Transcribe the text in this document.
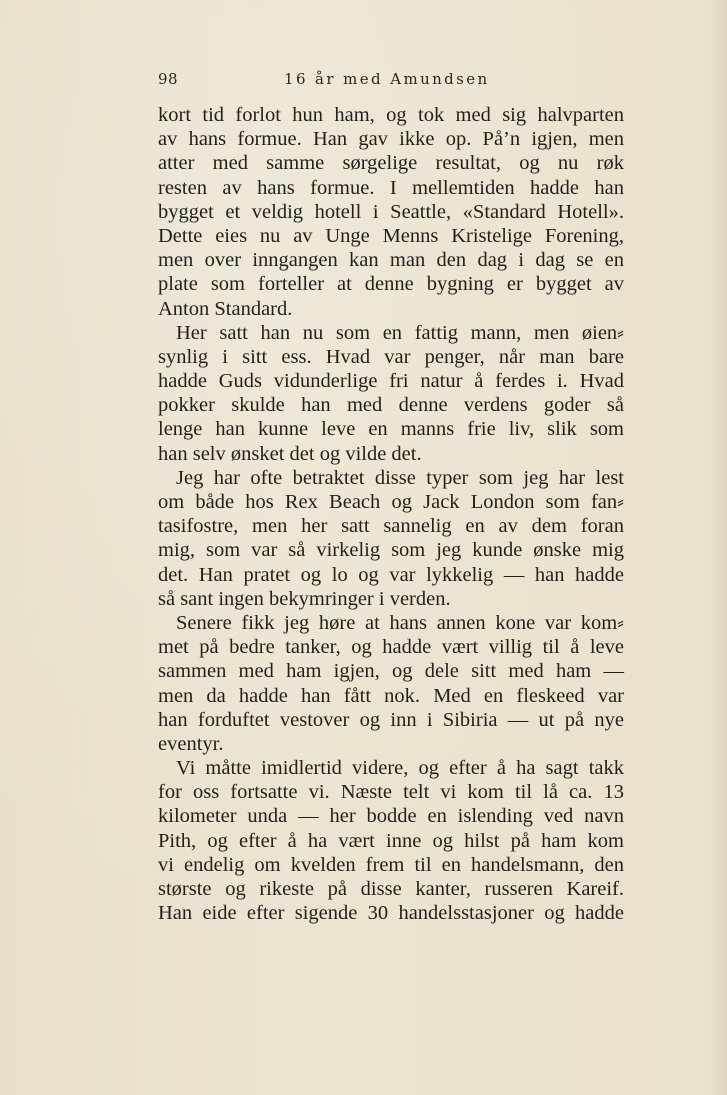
98	16 år med Amundsen
kort tid forlot hun ham, og tok med sig halvparten
av hans formue. Han gav ikke op. På’n igjen, men
atter med samme sørgelige resultat, og nu røk
resten av hans formue. I mellemtiden hadde han
bygget et veldig hotell i Seattle, «Standard Hotell».
Dette eies nu av Unge Menns Kristelige Forening,
men over inngangen kan man den dag i dag se en
plate som forteller at denne bygning er bygget av
Anton Standard.
Her satt han nu som en fattig mann, men øien⸗
synlig i sitt ess. Hvad var penger, når man bare
hadde Guds vidunderlige fri natur å ferdes i. Hvad
pokker skulde han med denne verdens goder så
lenge han kunne leve en manns frie liv, slik som
han selv ønsket det og vilde det.
Jeg har ofte betraktet disse typer som jeg har lest
om både hos Rex Beach og Jack London som fan⸗
tasifostre, men her satt sannelig en av dem foran
mig, som var så virkelig som jeg kunde ønske mig
det. Han pratet og lo og var lykkelig — han hadde
så sant ingen bekymringer i verden.
Senere fikk jeg høre at hans annen kone var kom⸗
met på bedre tanker, og hadde vært villig til å leve
sammen med ham igjen, og dele sitt med ham —
men da hadde han fått nok. Med en fleskeed var
han forduftet vestover og inn i Sibiria — ut på nye
eventyr.
Vi måtte imidlertid videre, og efter å ha sagt takk
for oss fortsatte vi. Næste telt vi kom til lå ca. 13
kilometer unda — her bodde en islending ved navn
Pith, og efter å ha vært inne og hilst på ham kom
vi endelig om kvelden frem til en handelsmann, den
største og rikeste på disse kanter, russeren Kareif.
Han eide efter sigende 30 handelsstasjoner og hadde
